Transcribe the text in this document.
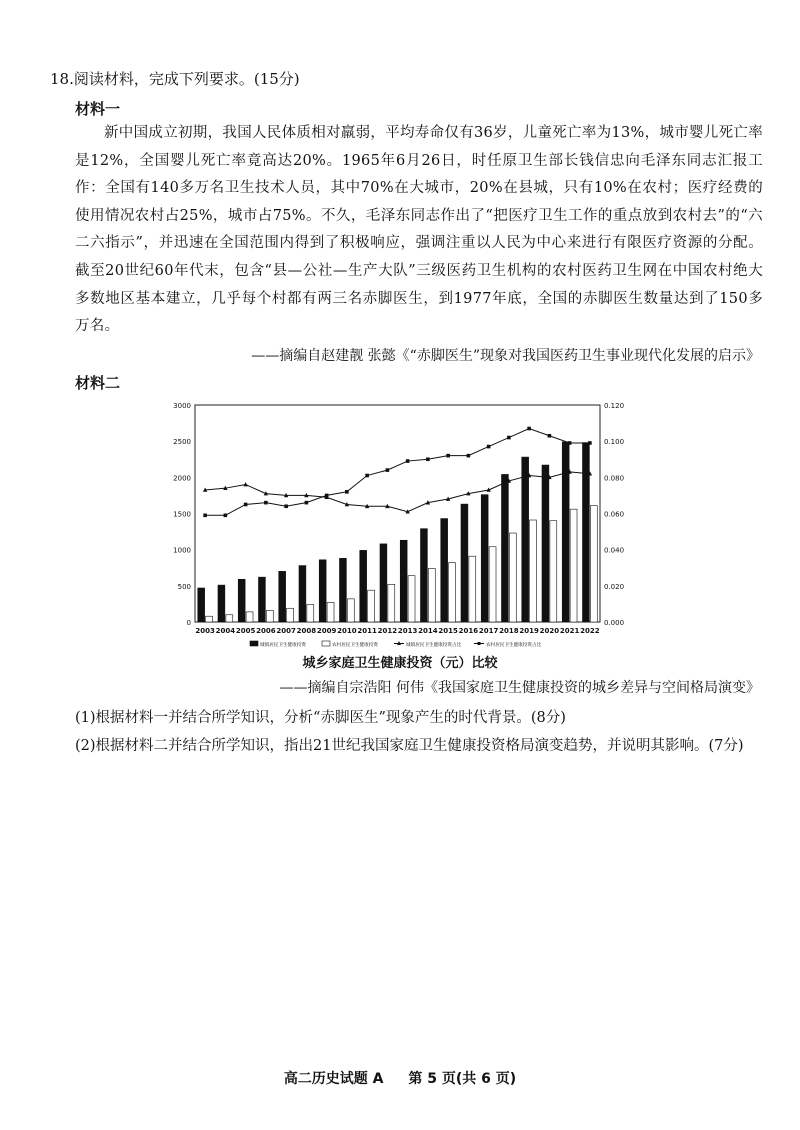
18.阅读材料，完成下列要求。(15分)
材料一
新中国成立初期，我国人民体质相对羸弱，平均寿命仅有36岁，儿童死亡率为13%，城市婴儿死亡率是12%，全国婴儿死亡率竟高达20%。1965年6月26日，时任原卫生部长钱信忠向毛泽东同志汇报工作：全国有140多万名卫生技术人员，其中70%在大城市，20%在县城，只有10%在农村；医疗经费的使用情况农村占25%，城市占75%。不久，毛泽东同志作出了“把医疗卫生工作的重点放到农村去”的“六二六指示”，并迅速在全国范围内得到了积极响应，强调注重以人民为中心来进行有限医疗资源的分配。截至20世纪60年代末，包含“县—公社—生产大队”三级医药卫生机构的农村医药卫生网在中国农村绝大多数地区基本建立，几乎每个村都有两三名赤脚医生，到1977年底，全国的赤脚医生数量达到了150多万名。
——摘编自赵建靓 张懿《“赤脚医生”现象对我国医药卫生事业现代化发展的启示》
材料二
0
500
1000
1500
2000
2500
3000
0.000
0.020
0.040
0.060
0.080
0.100
0.120
2003 2004 2005 2006 2007 2008 2009 2010 2011 2012 2013 2014 2015 2016 2017 2018 2019 2020 2021 2022
城镇居民卫生健康投资	农村居民卫生健康投资	城镇居民卫生健康投资占比	农村居民卫生健康投资占比
城乡家庭卫生健康投资（元）比较
——摘编自宗浩阳 何伟《我国家庭卫生健康投资的城乡差异与空间格局演变》
(1)根据材料一并结合所学知识，分析“赤脚医生”现象产生的时代背景。(8分)
(2)根据材料二并结合所学知识，指出21世纪我国家庭卫生健康投资格局演变趋势，并说明其影响。(7分)
高二历史试题 A 第 5 页(共 6 页)
